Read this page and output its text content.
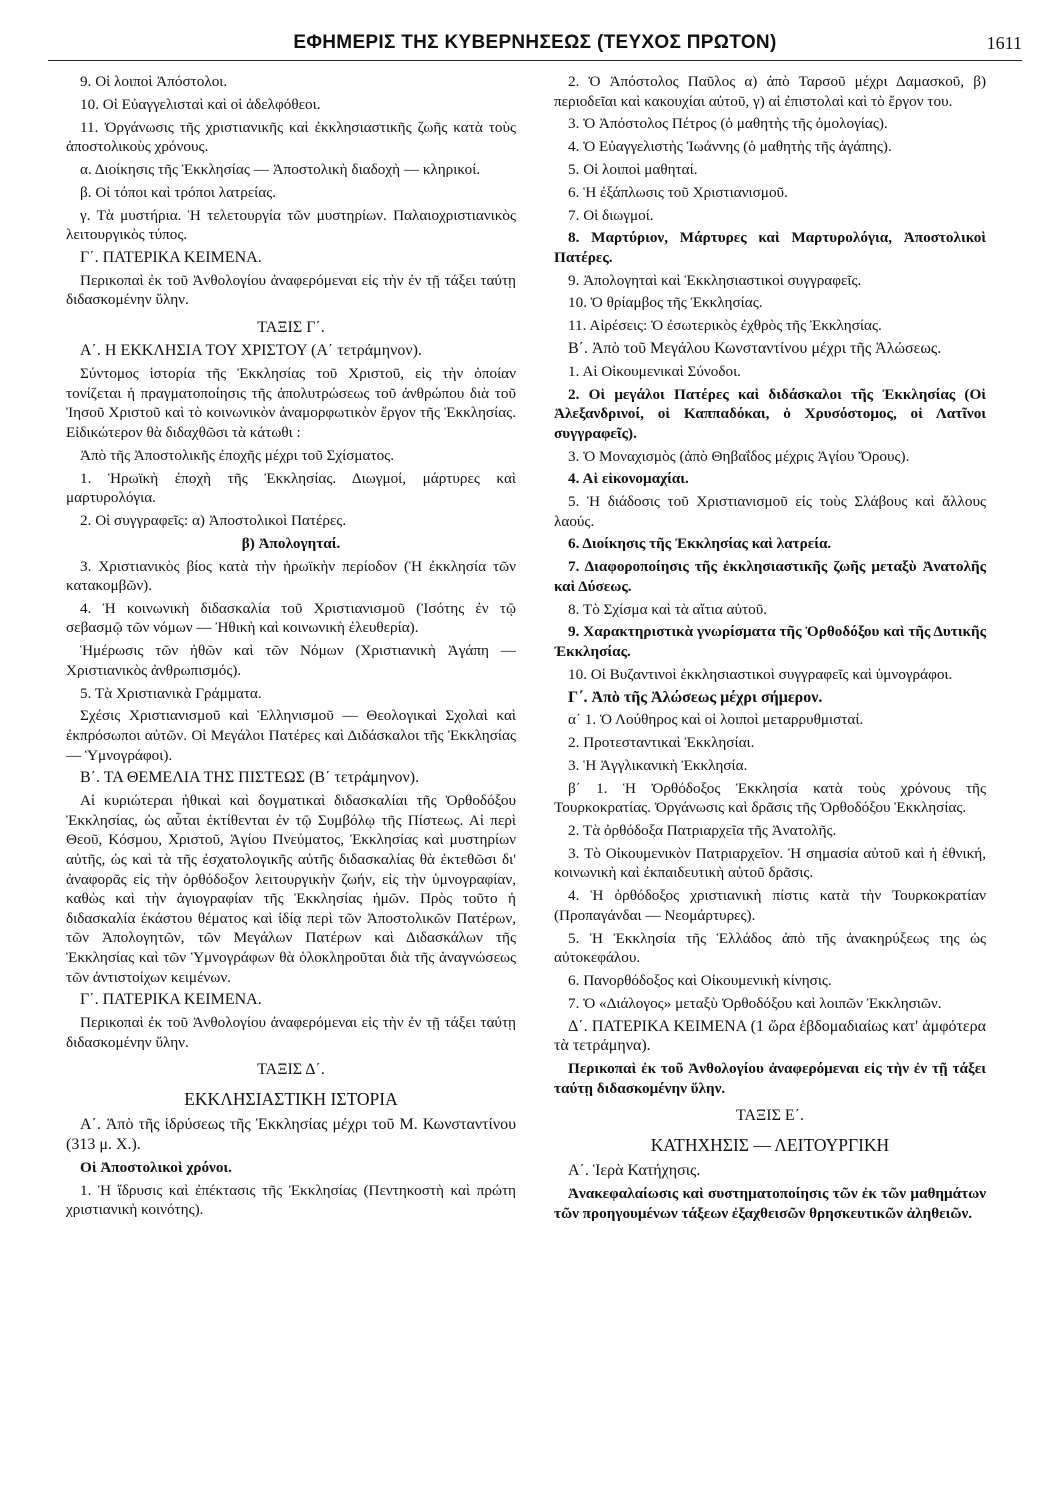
ΕΦΗΜΕΡΙΣ ΤΗΣ ΚΥΒΕΡΝΗΣΕΩΣ (ΤΕΥΧΟΣ ΠΡΩΤΟΝ)	1611

9. Οἱ λοιποὶ Ἀπόστολοι.

10. Οἱ Εὐαγγελισταὶ καὶ οἱ ἀδελφόθεοι.

11. Ὀργάνωσις τῆς χριστιανικῆς καὶ ἐκκλησιαστικῆς ζωῆς κατὰ τοὺς ἀποστολικοὺς χρόνους.

α. Διοίκησις τῆς Ἐκκλησίας — Ἀποστολικὴ διαδοχὴ — κληρικοί.

β. Οἱ τόποι καὶ τρόποι λατρείας.

γ. Τὰ μυστήρια. Ἡ τελετουργία τῶν μυστηρίων. Παλαιοχριστιανικὸς λειτουργικὸς τύπος.

Γ΄. ΠΑΤΕΡΙΚΑ ΚΕΙΜΕΝΑ.

Περικοπαὶ ἐκ τοῦ Ἀνθολογίου ἀναφερόμεναι εἰς τὴν ἐν τῇ τάξει ταύτῃ διδασκομένην ὕλην.

ΤΑΞΙΣ Γ΄.

Α΄. Η ΕΚΚΛΗΣΙΑ ΤΟΥ ΧΡΙΣΤΟΥ (Α΄ τετράμηνον).

Σύντομος ἱστορία τῆς Ἐκκλησίας τοῦ Χριστοῦ, εἰς τὴν ὁποίαν τονίζεται ἡ πραγματοποίησις τῆς ἀπολυτρώσεως τοῦ ἀνθρώπου διὰ τοῦ Ἰησοῦ Χριστοῦ καὶ τὸ κοινωνικὸν ἀναμορφωτικὸν ἔργον τῆς Ἐκκλησίας. Εἰδικώτερον θὰ διδαχθῶσι τὰ κάτωθι :

Ἀπὸ τῆς Ἀποστολικῆς ἐποχῆς μέχρι τοῦ Σχίσματος.

1. Ἡρωϊκὴ ἐποχὴ τῆς Ἐκκλησίας. Διωγμοί, μάρτυρες καὶ μαρτυρολόγια.

2. Οἱ συγγραφεῖς: α) Ἀποστολικοὶ Πατέρες.

β) Ἀπολογηταί.

3. Χριστιανικὸς βίος κατὰ τὴν ἡρωϊκὴν περίοδον (Ἡ ἐκκλησία τῶν κατακομβῶν).

4. Ἡ κοινωνικὴ διδασκαλία τοῦ Χριστιανισμοῦ (Ἰσότης ἐν τῷ σεβασμῷ τῶν νόμων — Ἠθικὴ καὶ κοινωνικὴ ἐλευθερία).

Ἡμέρωσις τῶν ἠθῶν καὶ τῶν Νόμων (Χριστιανικὴ Ἀγάπη — Χριστιανικὸς ἀνθρωπισμός).

5. Τὰ Χριστιανικὰ Γράμματα.

Σχέσις Χριστιανισμοῦ καὶ Ἑλληνισμοῦ — Θεολογικαὶ Σχολαὶ καὶ ἐκπρόσωποι αὐτῶν. Οἱ Μεγάλοι Πατέρες καὶ Διδάσκαλοι τῆς Ἐκκλησίας — Ὑμνογράφοι).

Β΄. ΤΑ ΘΕΜΕΛΙΑ ΤΗΣ ΠΙΣΤΕΩΣ (Β΄ τετράμηνον).

Αἱ κυριώτεραι ἠθικαὶ καὶ δογματικαὶ διδασκαλίαι τῆς Ὀρθοδόξου Ἐκκλησίας, ὡς αὗται ἐκτίθενται ἐν τῷ Συμβόλῳ τῆς Πίστεως. Αἱ περὶ Θεοῦ, Κόσμου, Χριστοῦ, Ἁγίου Πνεύματος, Ἐκκλησίας καὶ μυστηρίων αὐτῆς, ὡς καὶ τὰ τῆς ἐσχατολογικῆς αὐτῆς διδασκαλίας θὰ ἐκτεθῶσι δι' ἀναφορᾶς εἰς τὴν ὀρθόδοξον λειτουργικὴν ζωήν, εἰς τὴν ὑμνογραφίαν, καθὼς καὶ τὴν ἁγιογραφίαν τῆς Ἐκκλησίας ἡμῶν. Πρὸς τοῦτο ἡ διδασκαλία ἑκάστου θέματος καὶ ἰδίᾳ περὶ τῶν Ἀποστολικῶν Πατέρων, τῶν Ἀπολογητῶν, τῶν Μεγάλων Πατέρων καὶ Διδασκάλων τῆς Ἐκκλησίας καὶ τῶν Ὑμνογράφων θὰ ὁλοκληροῦται διὰ τῆς ἀναγνώσεως τῶν ἀντιστοίχων κειμένων.

Γ΄. ΠΑΤΕΡΙΚΑ ΚΕΙΜΕΝΑ.

Περικοπαὶ ἐκ τοῦ Ἀνθολογίου ἀναφερόμεναι εἰς τὴν ἐν τῇ τάξει ταύτῃ διδασκομένην ὕλην.

ΤΑΞΙΣ Δ΄.

ΕΚΚΛΗΣΙΑΣΤΙΚΗ ΙΣΤΟΡΙΑ

Α΄. Ἀπὸ τῆς ἱδρύσεως τῆς Ἐκκλησίας μέχρι τοῦ Μ. Κωνσταντίνου (313 μ. Χ.).

Οἱ Ἀποστολικοὶ χρόνοι.

1. Ἡ ἵδρυσις καὶ ἐπέκτασις τῆς Ἐκκλησίας (Πεντηκοστὴ καὶ πρώτη χριστιανικὴ κοινότης).

2. Ὁ Ἀπόστολος Παῦλος α) ἀπὸ Ταρσοῦ μέχρι Δαμασκοῦ, β) περιοδεῖαι καὶ κακουχίαι αὐτοῦ, γ) αἱ ἐπιστολαὶ καὶ τὸ ἔργον του.

3. Ὁ Ἀπόστολος Πέτρος (ὁ μαθητὴς τῆς ὁμολογίας).

4. Ὁ Εὐαγγελιστὴς Ἰωάννης (ὁ μαθητὴς τῆς ἀγάπης).

5. Οἱ λοιποὶ μαθηταί.

6. Ἡ ἐξάπλωσις τοῦ Χριστιανισμοῦ.

7. Οἱ διωγμοί.

8. Μαρτύριον, Μάρτυρες καὶ Μαρτυρολόγια, Ἀποστολικοὶ Πατέρες.

9. Ἀπολογηταὶ καὶ Ἐκκλησιαστικοὶ συγγραφεῖς.

10. Ὁ θρίαμβος τῆς Ἐκκλησίας.

11. Αἱρέσεις: Ὁ ἐσωτερικὸς ἐχθρὸς τῆς Ἐκκλησίας.

Β΄. Ἀπὸ τοῦ Μεγάλου Κωνσταντίνου μέχρι τῆς Ἁλώσεως.

1. Αἱ Οἰκουμενικαὶ Σύνοδοι.

2. Οἱ μεγάλοι Πατέρες καὶ διδάσκαλοι τῆς Ἐκκλησίας (Οἱ Ἀλεξανδρινοί, οἱ Καππαδόκαι, ὁ Χρυσόστομος, οἱ Λατῖνοι συγγραφεῖς).

3. Ὁ Μοναχισμὸς (ἀπὸ Θηβαΐδος μέχρις Ἁγίου Ὄρους).

4. Αἱ εἰκονομαχίαι.

5. Ἡ διάδοσις τοῦ Χριστιανισμοῦ εἰς τοὺς Σλάβους καὶ ἄλλους λαούς.

6. Διοίκησις τῆς Ἐκκλησίας καὶ λατρεία.

7. Διαφοροποίησις τῆς ἐκκλησιαστικῆς ζωῆς μεταξὺ Ἀνατολῆς καὶ Δύσεως.

8. Τὸ Σχίσμα καὶ τὰ αἴτια αὐτοῦ.

9. Χαρακτηριστικὰ γνωρίσματα τῆς Ὀρθοδόξου καὶ τῆς Δυτικῆς Ἐκκλησίας.

10. Οἱ Βυζαντινοὶ ἐκκλησιαστικοὶ συγγραφεῖς καὶ ὑμνογράφοι.

Γ΄. Ἀπὸ τῆς Ἁλώσεως μέχρι σήμερον.

α΄ 1. Ὁ Λούθηρος καὶ οἱ λοιποὶ μεταρρυθμισταί.

2. Προτεσταντικαὶ Ἐκκλησίαι.

3. Ἡ Ἀγγλικανικὴ Ἐκκλησία.

β΄ 1. Ἡ Ὀρθόδοξος Ἐκκλησία κατὰ τοὺς χρόνους τῆς Τουρκοκρατίας. Ὀργάνωσις καὶ δρᾶσις τῆς Ὀρθοδόξου Ἐκκλησίας.

2. Τὰ ὀρθόδοξα Πατριαρχεῖα τῆς Ἀνατολῆς.

3. Τὸ Οἰκουμενικὸν Πατριαρχεῖον. Ἡ σημασία αὐτοῦ καὶ ἡ ἐθνική, κοινωνικὴ καὶ ἐκπαιδευτικὴ αὐτοῦ δρᾶσις.

4. Ἡ ὀρθόδοξος χριστιανικὴ πίστις κατὰ τὴν Τουρκοκρατίαν (Προπαγάνδαι — Νεομάρτυρες).

5. Ἡ Ἐκκλησία τῆς Ἑλλάδος ἀπὸ τῆς ἀνακηρύξεως της ὡς αὐτοκεφάλου.

6. Πανορθόδοξος καὶ Οἰκουμενικὴ κίνησις.

7. Ὁ «Διάλογος» μεταξὺ Ὀρθοδόξου καὶ λοιπῶν Ἐκκλησιῶν.

Δ΄. ΠΑΤΕΡΙΚΑ ΚΕΙΜΕΝΑ (1 ὥρα ἑβδομαδιαίως κατ' ἀμφότερα τὰ τετράμηνα).

Περικοπαὶ ἐκ τοῦ Ἀνθολογίου ἀναφερόμεναι εἰς τὴν ἐν τῇ τάξει ταύτῃ διδασκομένην ὕλην.

ΤΑΞΙΣ Ε΄.

ΚΑΤΗΧΗΣΙΣ — ΛΕΙΤΟΥΡΓΙΚΗ

Α΄. Ἱερὰ Κατήχησις.

Ἀνακεφαλαίωσις καὶ συστηματοποίησις τῶν ἐκ τῶν μαθημάτων τῶν προηγουμένων τάξεων ἐξαχθεισῶν θρησκευτικῶν ἀληθειῶν.
